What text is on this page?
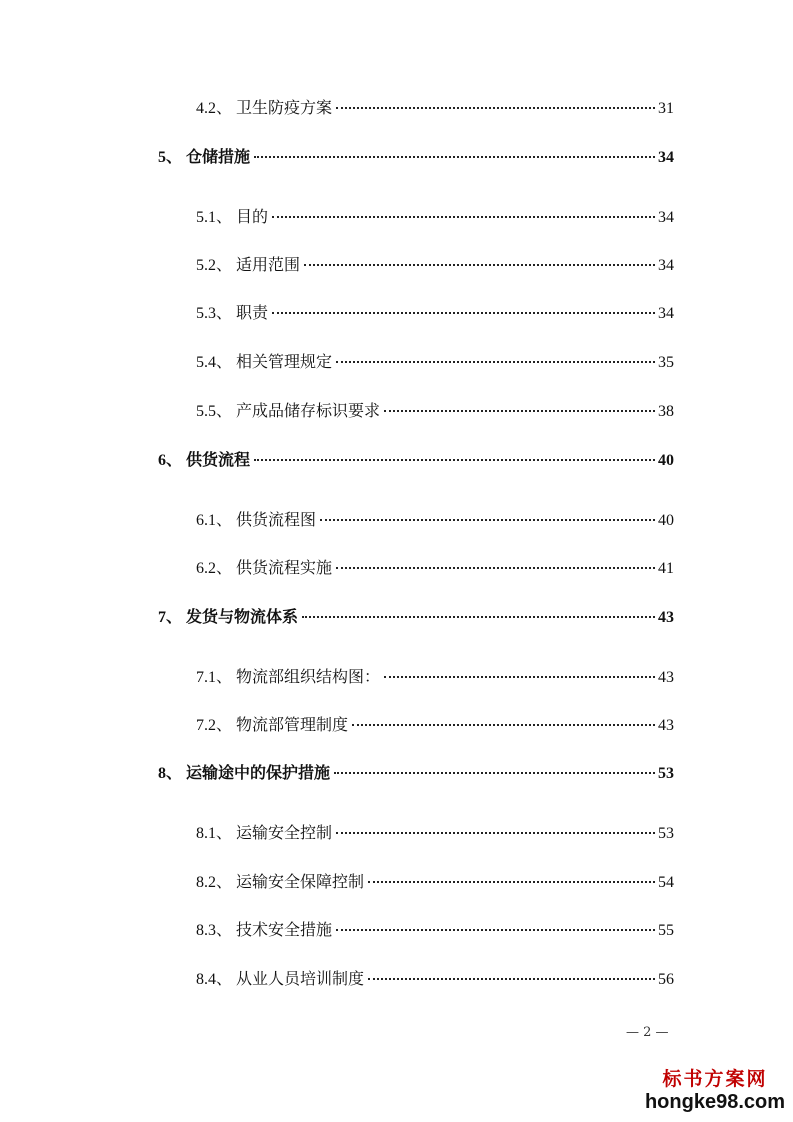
4.2、 卫生防疫方案	31
5、 仓储措施	34
5.1、 目的	34
5.2、 适用范围	34
5.3、 职责	34
5.4、 相关管理规定	35
5.5、 产成品储存标识要求	38
6、 供货流程	40
6.1、 供货流程图	40
6.2、 供货流程实施	41
7、 发货与物流体系	43
7.1、 物流部组织结构图：	43
7.2、 物流部管理制度	43
8、 运输途中的保护措施	53
8.1、 运输安全控制	53
8.2、 运输安全保障控制	54
8.3、 技术安全措施	55
8.4、 从业人员培训制度	56
— 2 —
标书方案网
hongke98.com
